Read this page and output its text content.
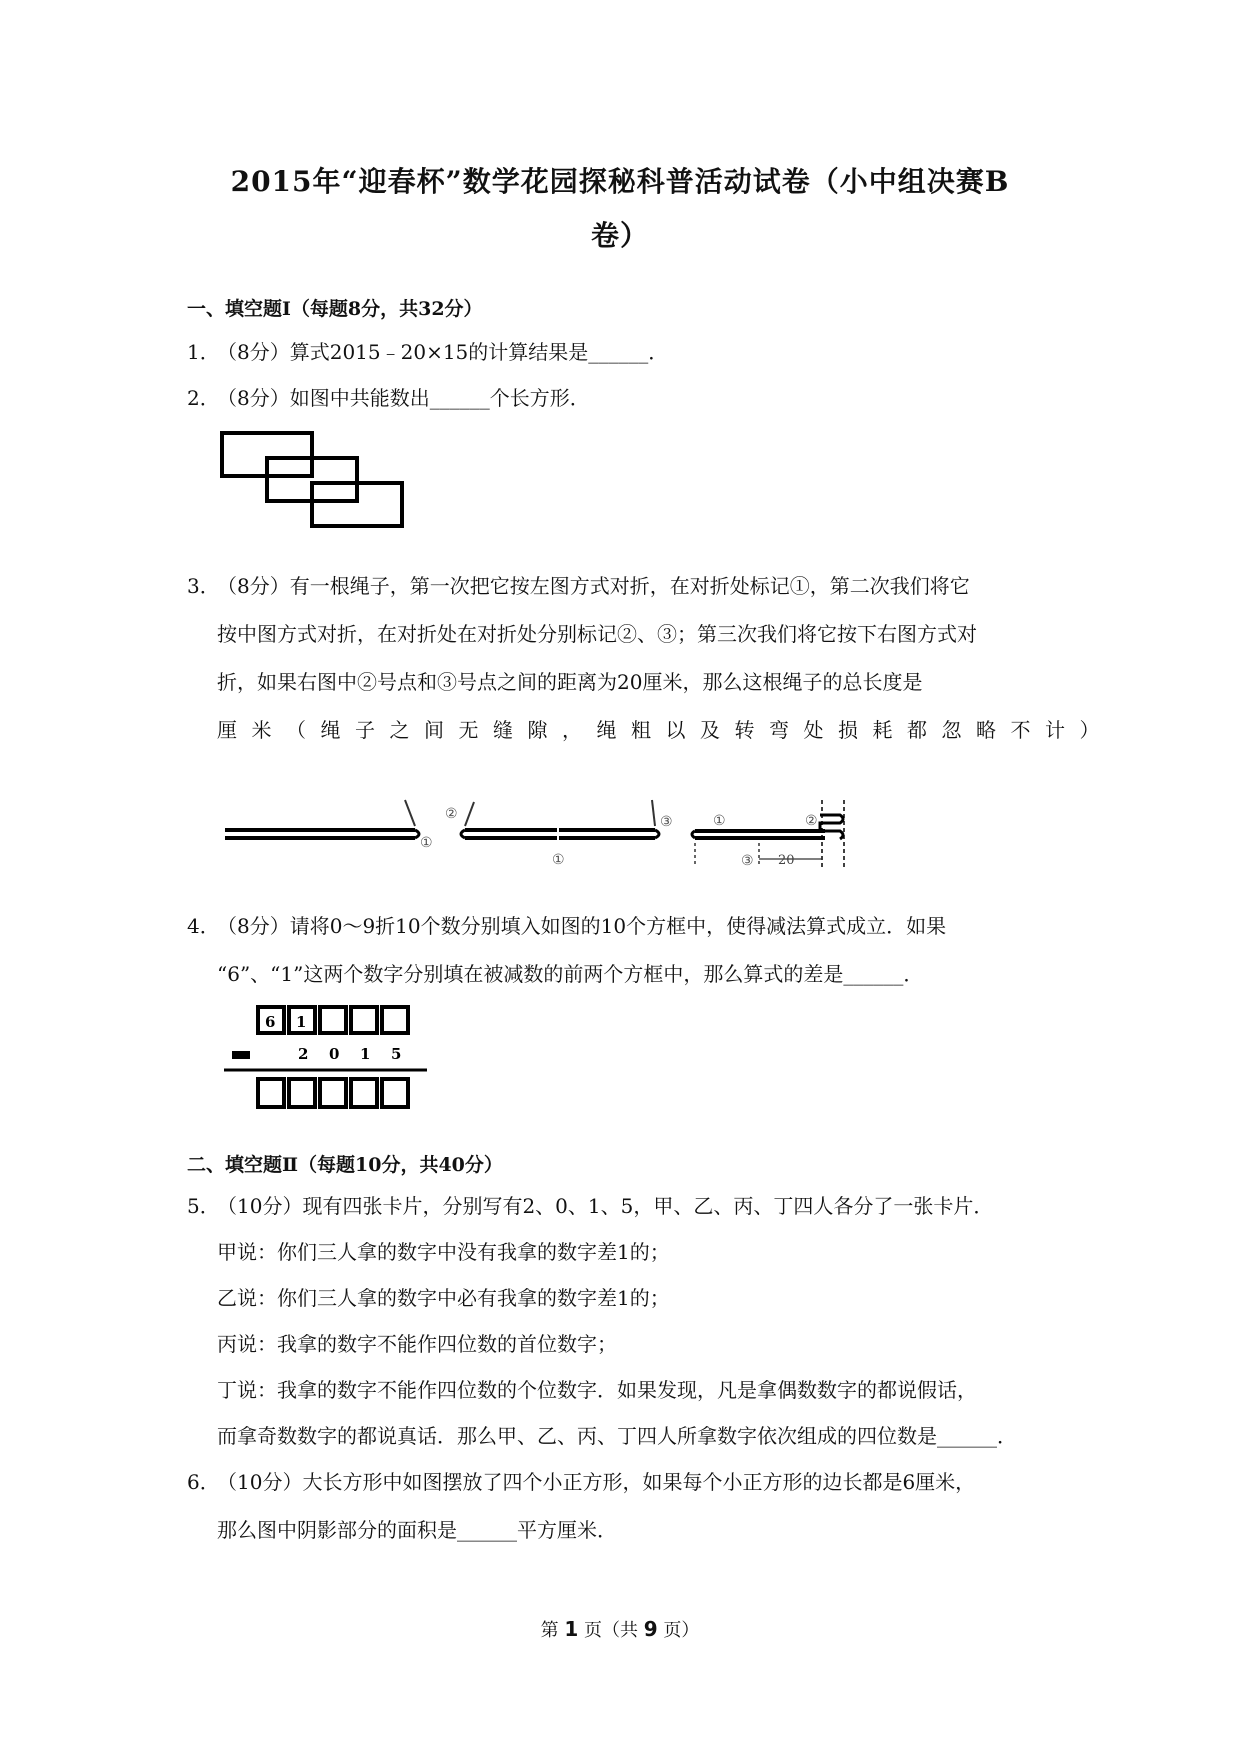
2015年“迎春杯”数学花园探秘科普活动试卷（小中组决赛B
卷）
一、填空题Ⅰ（每题8分，共32分）
1．
（8分）算式2015﹣20×15的计算结果是______．
2．
（8分）如图中共能数出______个长方形．
3．
（8分）有一根绳子，第一次把它按左图方式对折，在对折处标记①，第二次我们将它
按中图方式对折，在对折处在对折处分别标记②、③；第三次我们将它按下右图方式对
折，如果右图中②号点和③号点之间的距离为20厘米，那么这根绳子的总长度是
厘米（绳子之间无缝隙，绳粗以及转弯处损耗都忽略不计）
①
②	③
①
①	②
③ 20
4．
（8分）请将0～9折10个数分别填入如图的10个方框中，使得减法算式成立．如果
“6”、“1”这两个数字分别填在被减数的前两个方框中，那么算式的差是______．
6 1
2 0 1 5
二、填空题Ⅱ（每题10分，共40分）
5．
（10分）现有四张卡片，分别写有2、0、1、5，甲、乙、丙、丁四人各分了一张卡片．
甲说：你们三人拿的数字中没有我拿的数字差1的；
乙说：你们三人拿的数字中必有我拿的数字差1的；
丙说：我拿的数字不能作四位数的首位数字；
丁说：我拿的数字不能作四位数的个位数字．如果发现，凡是拿偶数数字的都说假话，
而拿奇数数字的都说真话．那么甲、乙、丙、丁四人所拿数字依次组成的四位数是______．
6．
（10分）大长方形中如图摆放了四个小正方形，如果每个小正方形的边长都是6厘米，
那么图中阴影部分的面积是______平方厘米．
第 1 页（共 9 页）
